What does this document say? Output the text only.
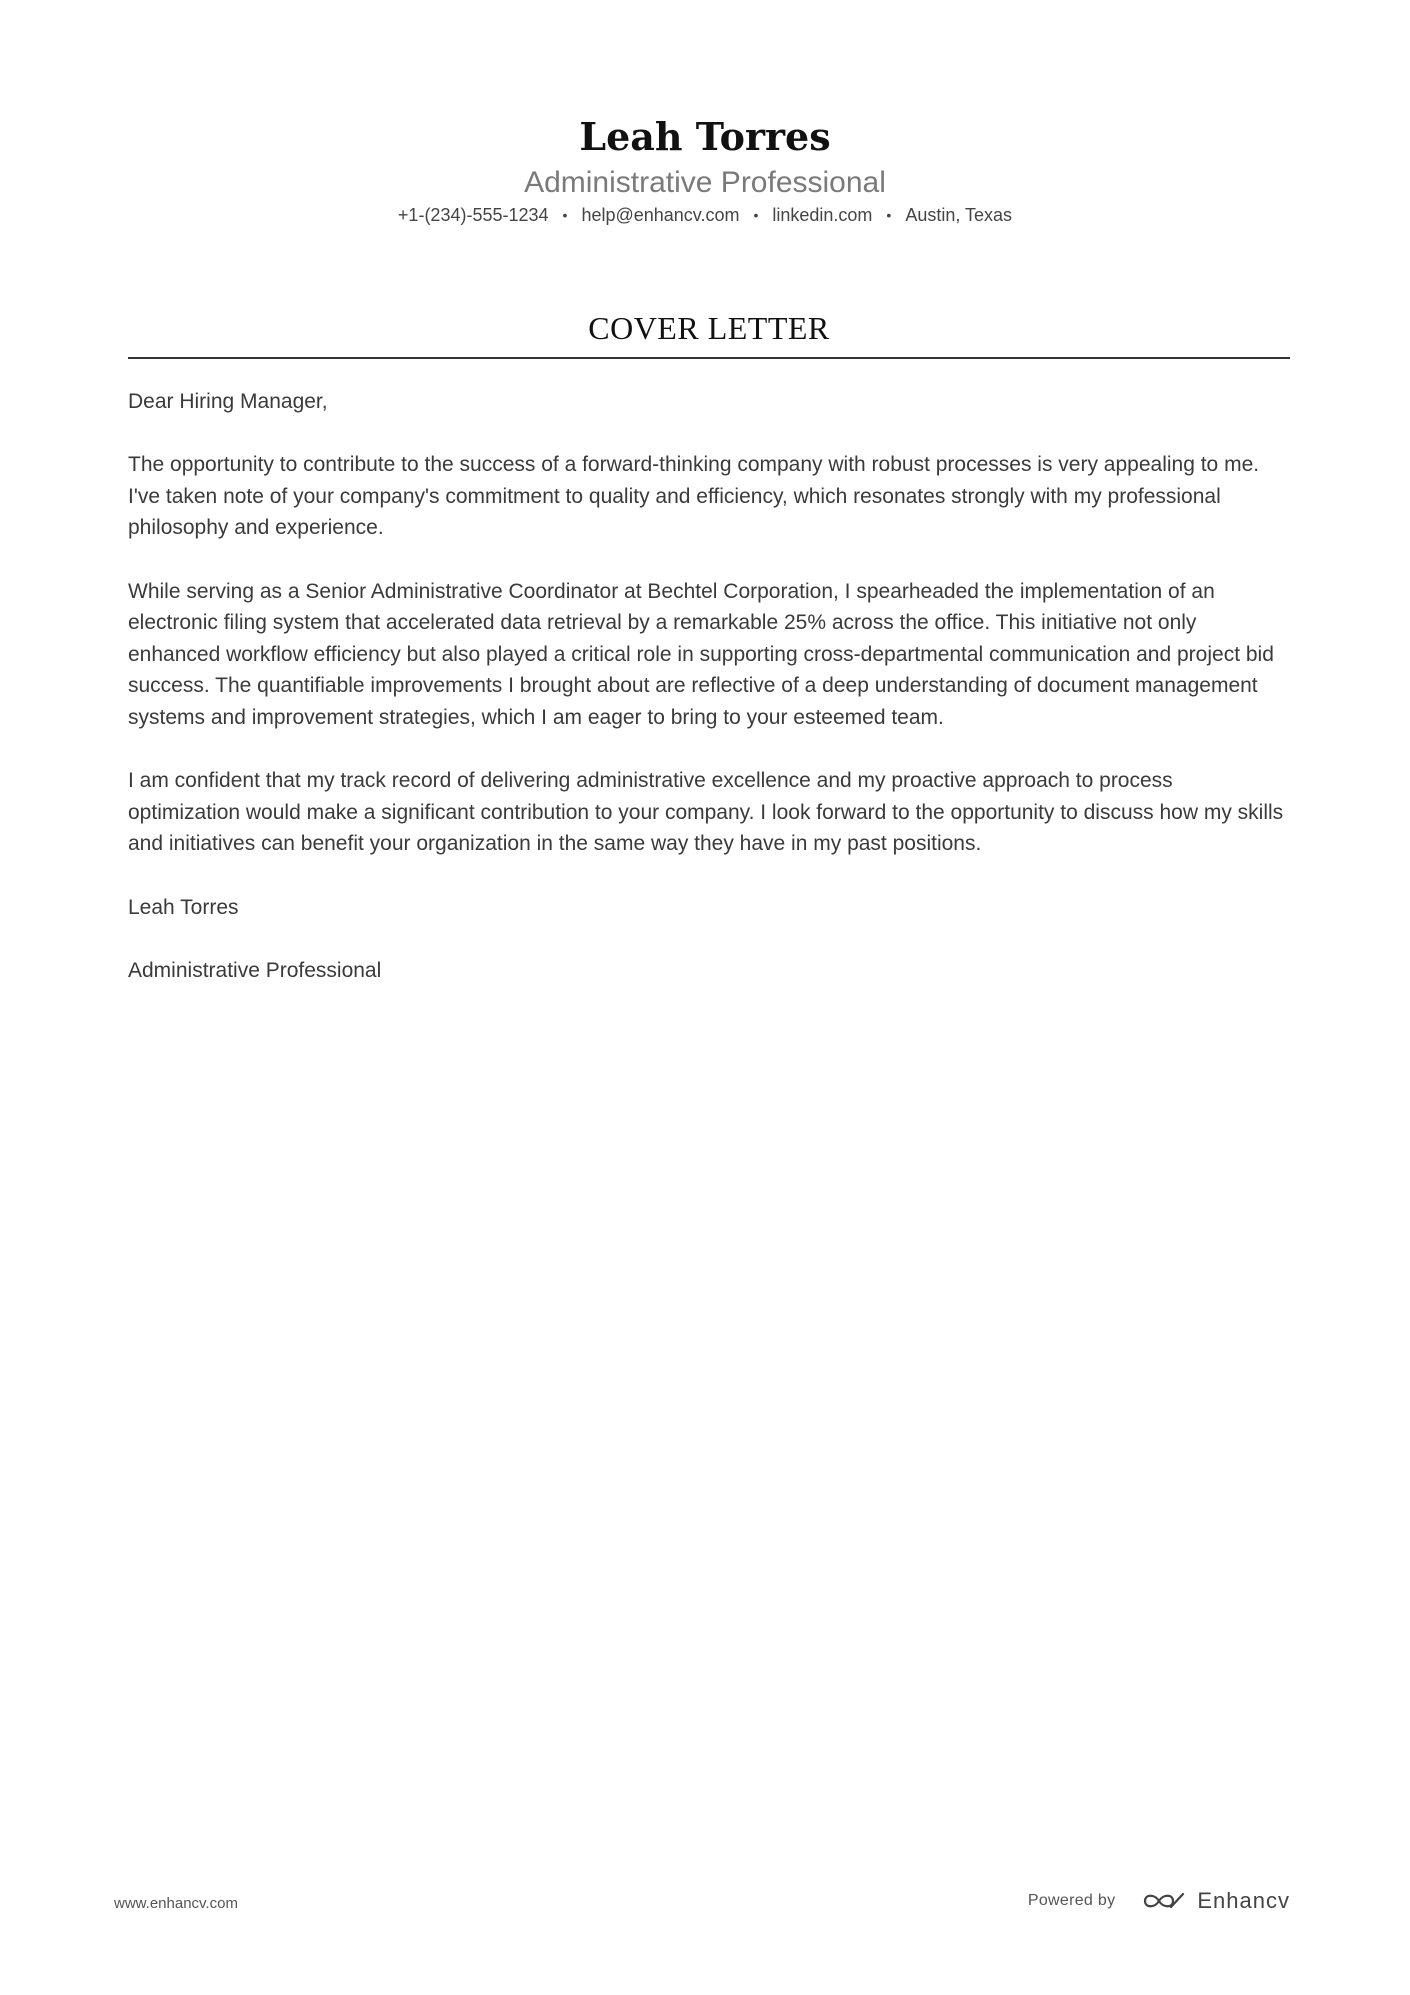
Leah Torres
Administrative Professional
+1-(234)-555-1234 • help@enhancv.com • linkedin.com • Austin, Texas
COVER LETTER

Dear Hiring Manager,

The opportunity to contribute to the success of a forward-thinking company with robust processes is very appealing to me. I've taken note of your company's commitment to quality and efficiency, which resonates strongly with my professional philosophy and experience.

While serving as a Senior Administrative Coordinator at Bechtel Corporation, I spearheaded the implementation of an electronic filing system that accelerated data retrieval by a remarkable 25% across the office. This initiative not only enhanced workflow efficiency but also played a critical role in supporting cross-departmental communication and project bid success. The quantifiable improvements I brought about are reflective of a deep understanding of document management systems and improvement strategies, which I am eager to bring to your esteemed team.

I am confident that my track record of delivering administrative excellence and my proactive approach to process optimization would make a significant contribution to your company. I look forward to the opportunity to discuss how my skills and initiatives can benefit your organization in the same way they have in my past positions.

Leah Torres

Administrative Professional

www.enhancv.com	Powered by	Enhancv
